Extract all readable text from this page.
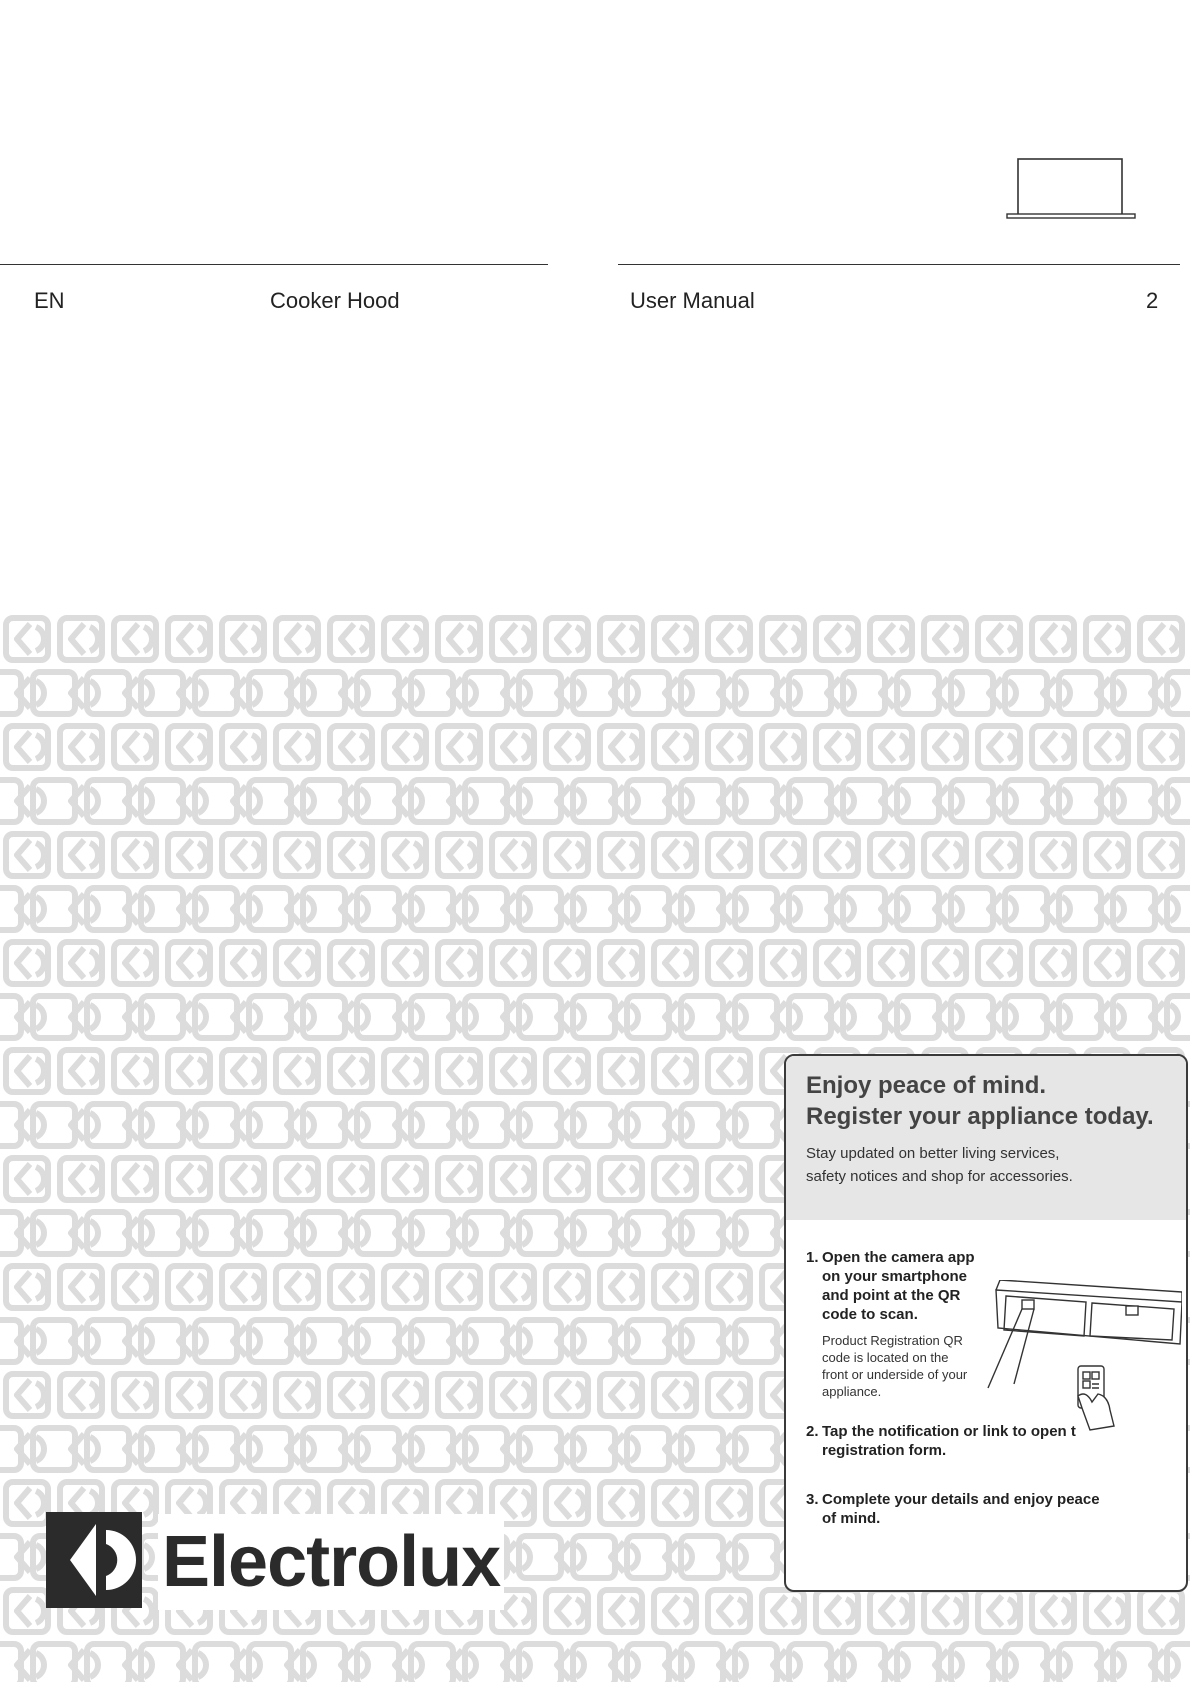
EN	Cooker Hood	User Manual	2
Electrolux
Enjoy peace of mind.
Register your appliance today.
Stay updated on better living services,
safety notices and shop for accessories.
1. Open the camera app
on your smartphone
and point at the QR
code to scan.
Product Registration QR
code is located on the
front or underside of your
appliance.
2. Tap the notification or link to open t
registration form.
3. Complete your details and enjoy peace
of mind.
